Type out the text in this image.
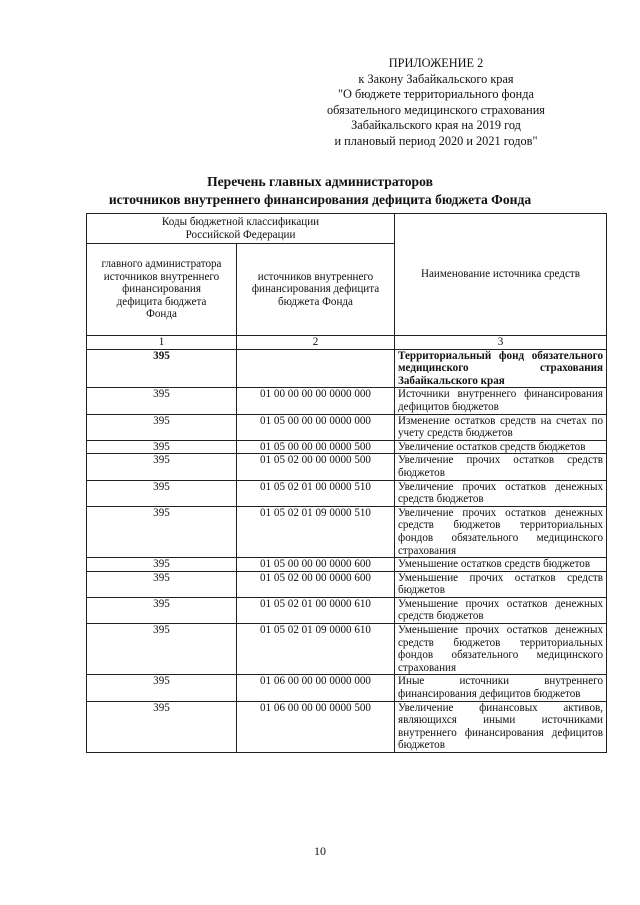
ПРИЛОЖЕНИЕ 2
к Закону Забайкальского края
"О бюджете территориального фонда
обязательного медицинского страхования
Забайкальского края на 2019 год
и плановый период 2020 и 2021 годов"
Перечень главных администраторов
источников внутреннего финансирования дефицита бюджета Фонда
Коды бюджетной классификации Российской Федерации		Наименование источника средств
главного администратора источников внутреннего финансирования дефицита бюджета Фонда	источников внутреннего финансирования дефицита бюджета Фонда	
1	2	3
395		Территориальный фонд обязательного медицинского страхования Забайкальского края
395	01 00 00 00 00 0000 000	Источники внутреннего финансирования дефицитов бюджетов
395	01 05 00 00 00 0000 000	Изменение остатков средств на счетах по учету средств бюджетов
395	01 05 00 00 00 0000 500	Увеличение остатков средств бюджетов
395	01 05 02 00 00 0000 500	Увеличение прочих остатков средств бюджетов
395	01 05 02 01 00 0000 510	Увеличение прочих остатков денежных средств бюджетов
395	01 05 02 01 09 0000 510	Увеличение прочих остатков денежных средств бюджетов территориальных фондов обязательного медицинского страхования
395	01 05 00 00 00 0000 600	Уменьшение остатков средств бюджетов
395	01 05 02 00 00 0000 600	Уменьшение прочих остатков средств бюджетов
395	01 05 02 01 00 0000 610	Уменьшение прочих остатков денежных средств бюджетов
395	01 05 02 01 09 0000 610	Уменьшение прочих остатков денежных средств бюджетов территориальных фондов обязательного медицинского страхования
395	01 06 00 00 00 0000 000	Иные источники внутреннего финансирования дефицитов бюджетов
395	01 06 00 00 00 0000 500	Увеличение финансовых активов, являющихся иными источниками внутреннего финансирования дефицитов бюджетов
10
